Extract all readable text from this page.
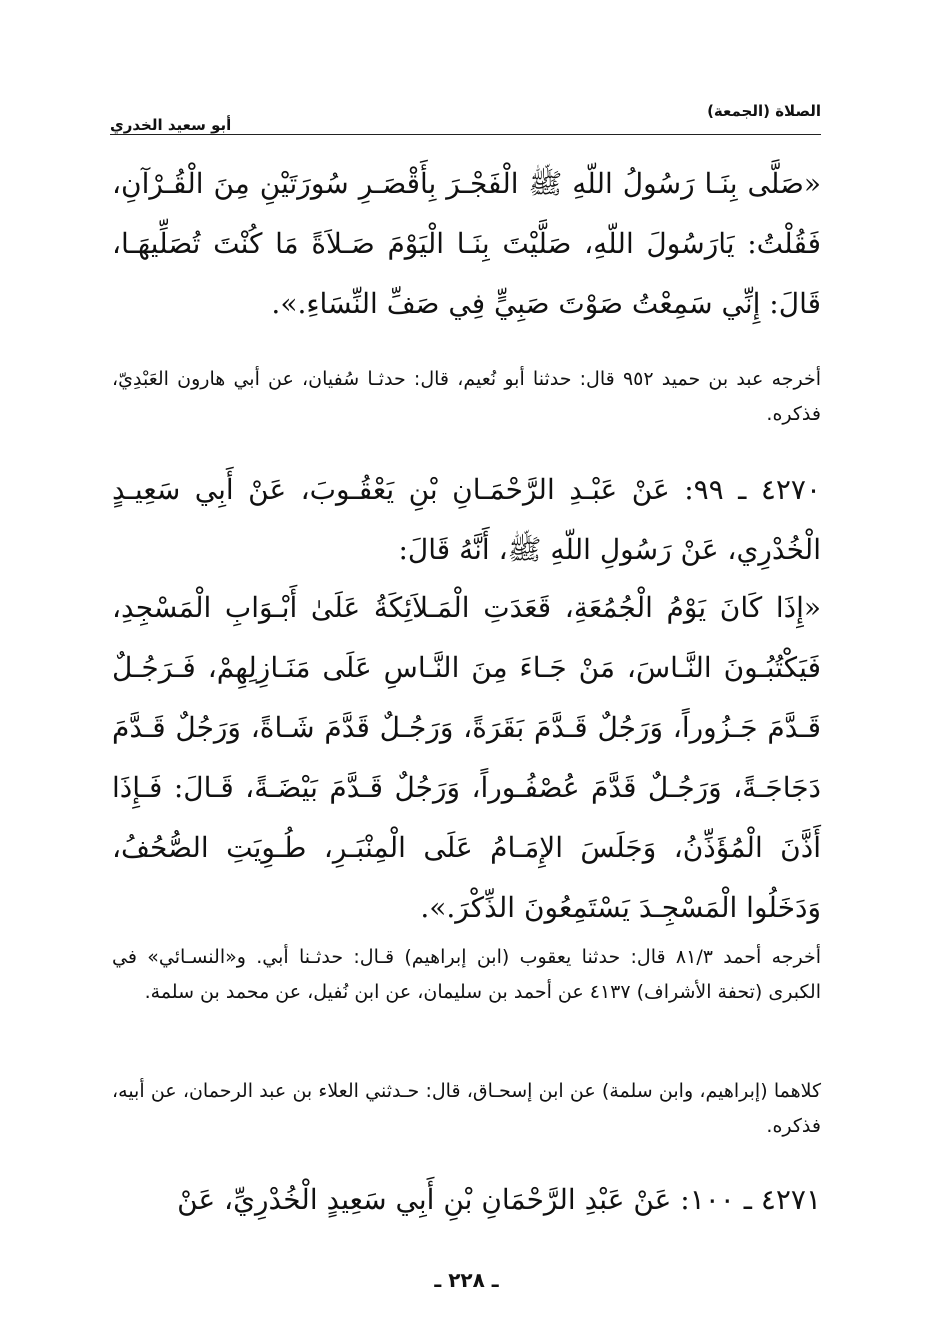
الصلاة (الجمعة)
أبو سعيد الخدري

«صَلَّى بِنَـا رَسُولُ اللّهِ ﷺ الْفَجْـرَ بِأَقْصَـرِ سُورَتَيْنِ مِنَ الْقُـرْآنِ، فَقُلْتُ: يَارَسُولَ اللّهِ، صَلَّيْتَ بِنَـا الْيَوْمَ صَـلاَةً مَا كُنْتَ تُصَلِّيهَـا، قَالَ: إِنِّي سَمِعْتُ صَوْتَ صَبِيٍّ فِي صَفِّ النِّسَاءِ.».

أخرجه عبد بن حميد ٩٥٢ قال: حدثنا أبو نُعيم، قال: حدثـا سُفيان، عن أبي هارون العَبْدِيّ، فذكره.

٤٢٧٠ ـ ٩٩: عَنْ عَبْـدِ الرَّحْمَـانِ بْنِ يَعْقُـوبَ، عَنْ أَبِي سَعِيـدٍ الْخُدْرِي، عَنْ رَسُولِ اللّهِ ﷺ، أَنَّهُ قَالَ:

«إِذَا كَانَ يَوْمُ الْجُمُعَةِ، قَعَدَتِ الْمَـلاَئِكَةُ عَلَىٰ أَبْـوَابِ الْمَسْجِدِ، فَيَكْتُبُـونَ النَّـاسَ، مَنْ جَـاءَ مِنَ النَّـاسِ عَلَى مَنَـازِلِهِمْ، فَـرَجُـلٌ قَـدَّمَ جَـزُوراً، وَرَجُلٌ قَـدَّمَ بَقَرَةً، وَرَجُـلٌ قَدَّمَ شَـاةً، وَرَجُلٌ قَـدَّمَ دَجَاجَـةً، وَرَجُـلٌ قَدَّمَ عُصْفُـوراً، وَرَجُلٌ قَـدَّمَ بَيْضَـةً، قَـالَ: فَـإِذَا أَذَّنَ الْمُؤَذِّنُ، وَجَلَسَ الإِمَـامُ عَلَى الْمِنْبَـرِ، طُـوِيَتِ الصُّحُفُ، وَدَخَلُوا الْمَسْجِـدَ يَسْتَمِعُونَ الذِّكْرَ.».

أخرجه أحمد ٨١/٣ قال: حدثنا يعقوب (ابن إبراهيم) قـال: حدثـنا أبي. و«النسـائي» في الكبرى (تحفة الأشراف) ٤١٣٧ عن أحمد بن سليمان، عن ابن نُفيل، عن محمد بن سلمة.

كلاهما (إبراهيم، وابن سلمة) عن ابن إسحـاق، قال: حـدثني العلاء بن عبد الرحمان، عن أبيه، فذكره.

٤٢٧١ ـ ١٠٠: عَنْ عَبْدِ الرَّحْمَانِ بْنِ أَبِي سَعِيدٍ الْخُدْرِيِّ، عَنْ

ـ ٢٢٨ ـ
